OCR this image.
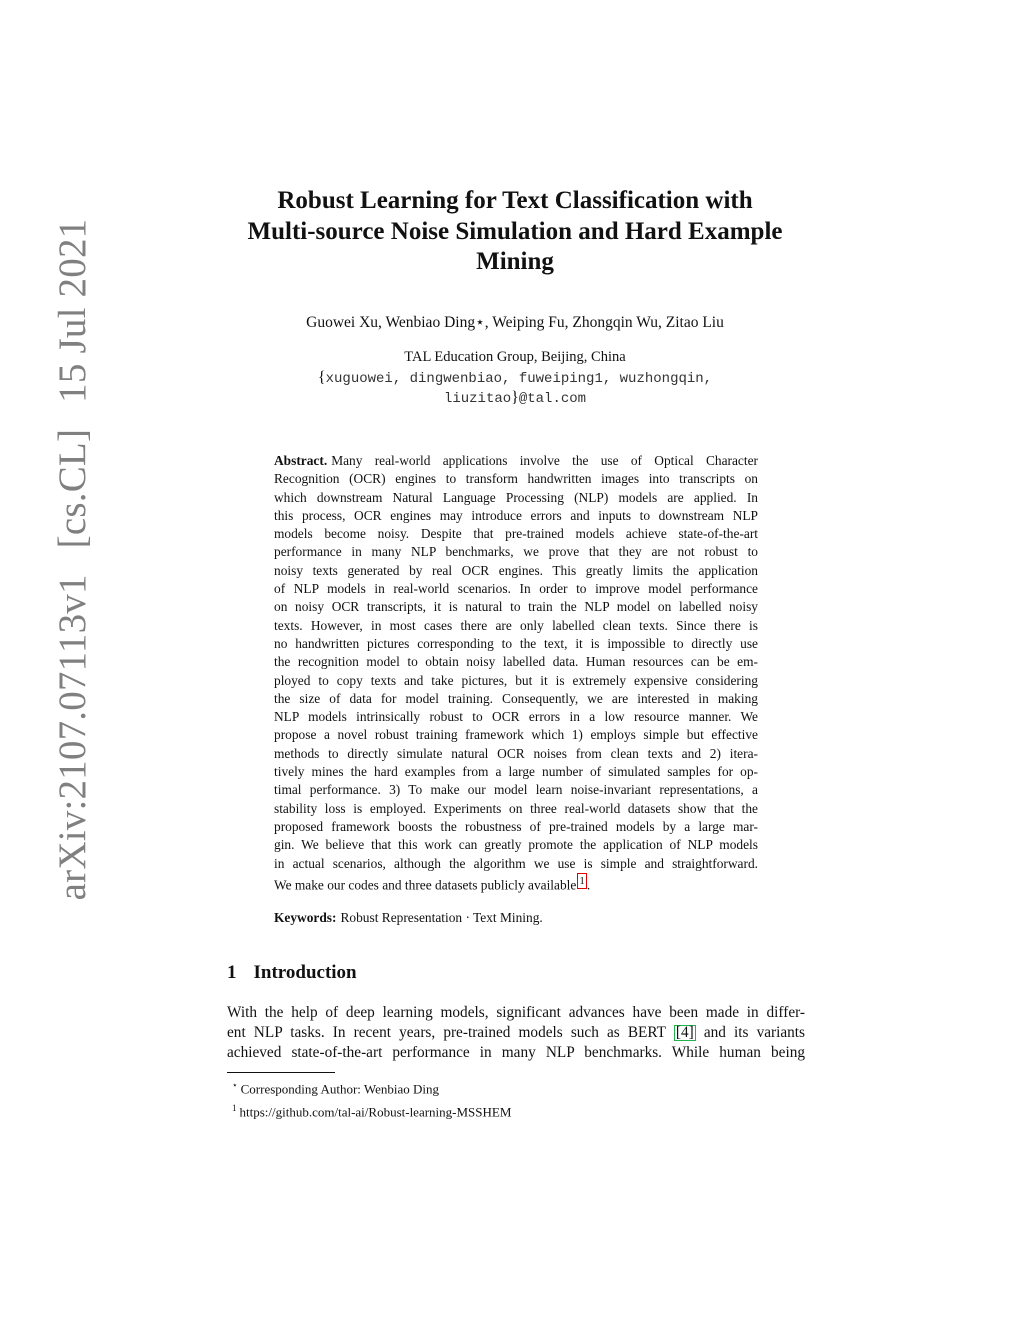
arXiv:2107.07113v1
[cs.CL]
15 Jul 2021
Robust Learning for Text Classification with
Multi-source Noise Simulation and Hard Example
Mining
Guowei Xu, Wenbiao Ding⋆, Weiping Fu, Zhongqin Wu, Zitao Liu
TAL Education Group, Beijing, China
{xuguowei, dingwenbiao, fuweiping1, wuzhongqin,
liuzitao}@tal.com
Abstract. Many real-world applications involve the use of Optical Character
Recognition (OCR) engines to transform handwritten images into transcripts on
which downstream Natural Language Processing (NLP) models are applied. In
this process, OCR engines may introduce errors and inputs to downstream NLP
models become noisy. Despite that pre-trained models achieve state-of-the-art
performance in many NLP benchmarks, we prove that they are not robust to
noisy texts generated by real OCR engines. This greatly limits the application
of NLP models in real-world scenarios. In order to improve model performance
on noisy OCR transcripts, it is natural to train the NLP model on labelled noisy
texts. However, in most cases there are only labelled clean texts. Since there is
no handwritten pictures corresponding to the text, it is impossible to directly use
the recognition model to obtain noisy labelled data. Human resources can be em-
ployed to copy texts and take pictures, but it is extremely expensive considering
the size of data for model training. Consequently, we are interested in making
NLP models intrinsically robust to OCR errors in a low resource manner. We
propose a novel robust training framework which 1) employs simple but effective
methods to directly simulate natural OCR noises from clean texts and 2) itera-
tively mines the hard examples from a large number of simulated samples for op-
timal performance. 3) To make our model learn noise-invariant representations, a
stability loss is employed. Experiments on three real-world datasets show that the
proposed framework boosts the robustness of pre-trained models by a large mar-
gin. We believe that this work can greatly promote the application of NLP models
in actual scenarios, although the algorithm we use is simple and straightforward.
We make our codes and three datasets publicly available 1 .
Keywords: Robust Representation · Text Mining.
1 Introduction
With the help of deep learning models, significant advances have been made in differ-
ent NLP tasks. In recent years, pre-trained models such as BERT [4] and its variants
achieved state-of-the-art performance in many NLP benchmarks. While human being
⋆ Corresponding Author: Wenbiao Ding
$^1$ https://github.com/tal-ai/Robust-learning-MSSHEM
